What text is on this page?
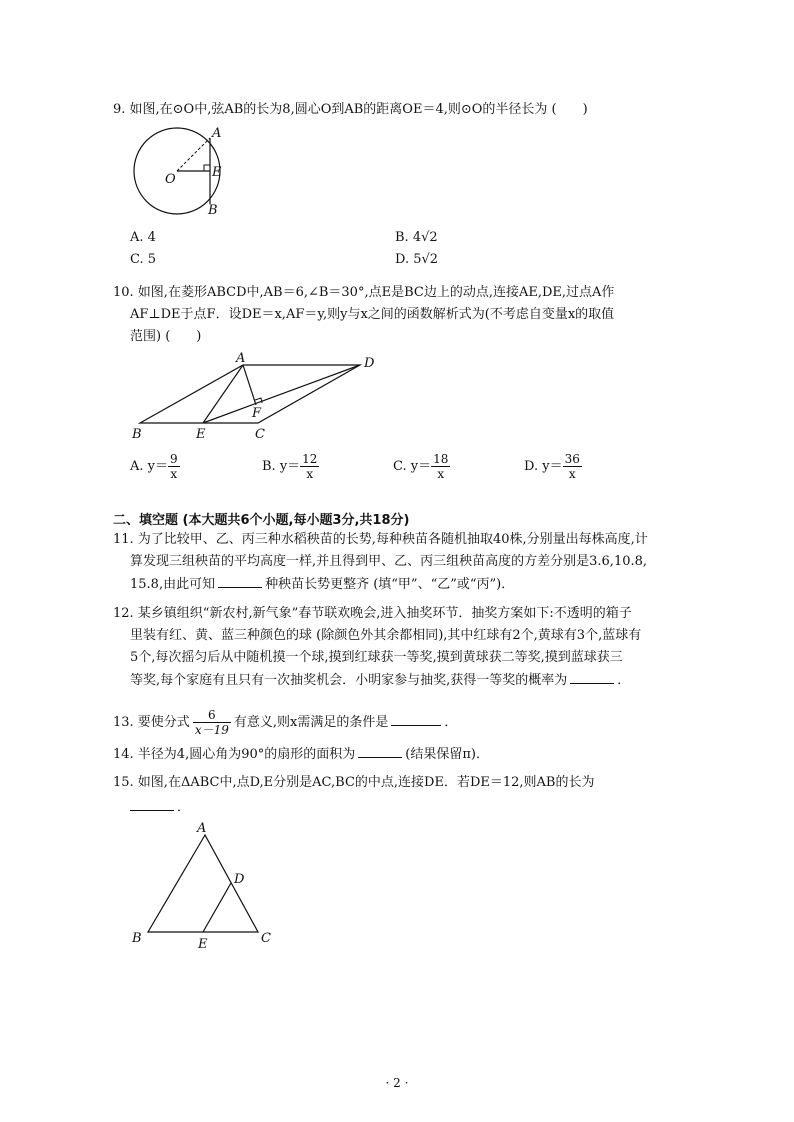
9. 如图,在⊙O中,弦AB的长为8,圆心O到AB的距离OE＝4,则⊙O的半径长为 (　　)
A
O	E
B
A. 4	B. 4√2
C. 5	D. 5√2
10. 如图,在菱形ABCD中,AB＝6,∠B＝30°,点E是BC边上的动点,连接AE,DE,过点A作
AF⊥DE于点F．设DE＝x,AF＝y,则y与x之间的函数解析式为(不考虑自变量x的取值
范围) (　　)
A	D
F
B	E	C
A. $y= \frac{9}{x}$	B. $y= \frac{12}{x}$	C. $y= \frac{18}{x}$	D. $y= \frac{36}{x}$
二、填空题 (本大题共6个小题,每小题3分,共18分)
11. 为了比较甲、乙、丙三种水稻秧苗的长势,每种秧苗各随机抽取40株,分别量出每株高度,计
算发现三组秧苗的平均高度一样,并且得到甲、乙、丙三组秧苗高度的方差分别是3.6,10.8,
15.8,由此可知	种秧苗长势更整齐 (填“甲”、“乙”或“丙”)．
12. 某乡镇组织“新农村,新气象”春节联欢晚会,进入抽奖环节．抽奖方案如下:不透明的箱子
里装有红、黄、蓝三种颜色的球 (除颜色外其余都相同),其中红球有2个,黄球有3个,蓝球有
5个,每次摇匀后从中随机摸一个球,摸到红球获一等奖,摸到黄球获二等奖,摸到蓝球获三
等奖,每个家庭有且只有一次抽奖机会．小明家参与抽奖,获得一等奖的概率为	．
13. 要使分式 $\frac{6}{x-19}$ 有意义,则x需满足的条件是	．
14. 半径为4,圆心角为90°的扇形的面积为	(结果保留π)．
15. 如图,在ΔABC中,点D,E分别是AC,BC的中点,连接DE．若DE＝12,则AB的长为
．
A
D
B	E	C
· 2 ·
